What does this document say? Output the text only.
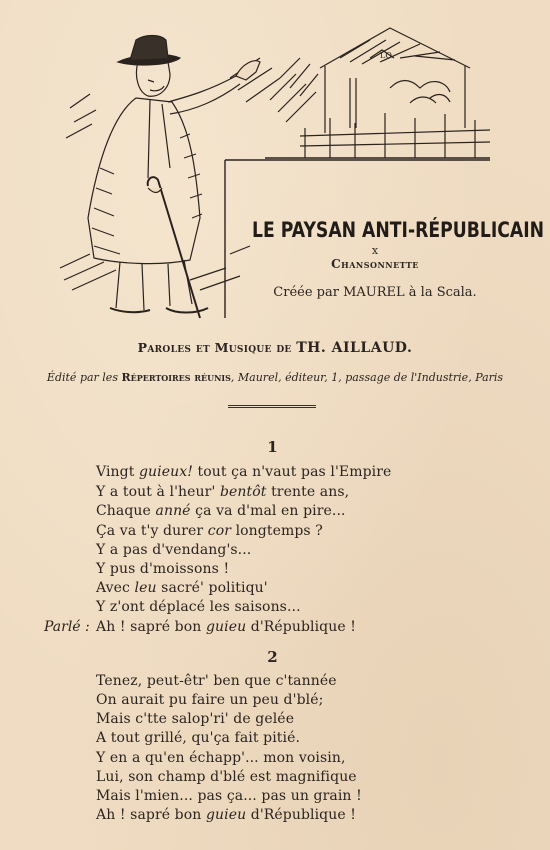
LO
LE PAYSAN ANTI-RÉPUBLICAIN
x
Chansonnette
Créée par MAUREL à la Scala.
Paroles et Musique de TH. AILLAUD.
Édité par les Répertoires réunis, Maurel, éditeur, 1, passage de l'Industrie, Paris
1
Vingt guieux! tout ça n'vaut pas l'Empire
Y a tout à l'heur' bentôt trente ans,
Chaque anné ça va d'mal en pire...
Ça va t'y durer cor longtemps ?
Y a pas d'vendang's...
Y pus d'moissons !
Avec leu sacré' politiqu'
Y z'ont déplacé les saisons...
Parlé : Ah ! sapré bon guieu d'République !
2
Tenez, peut-êtr' ben que c'tannée
On aurait pu faire un peu d'blé;
Mais c'tte salop'ri' de gelée
A tout grillé, qu'ça fait pitié.
Y en a qu'en échapp'... mon voisin,
Lui, son champ d'blé est magnifique
Mais l'mien... pas ça... pas un grain !
Ah ! sapré bon guieu d'République !
